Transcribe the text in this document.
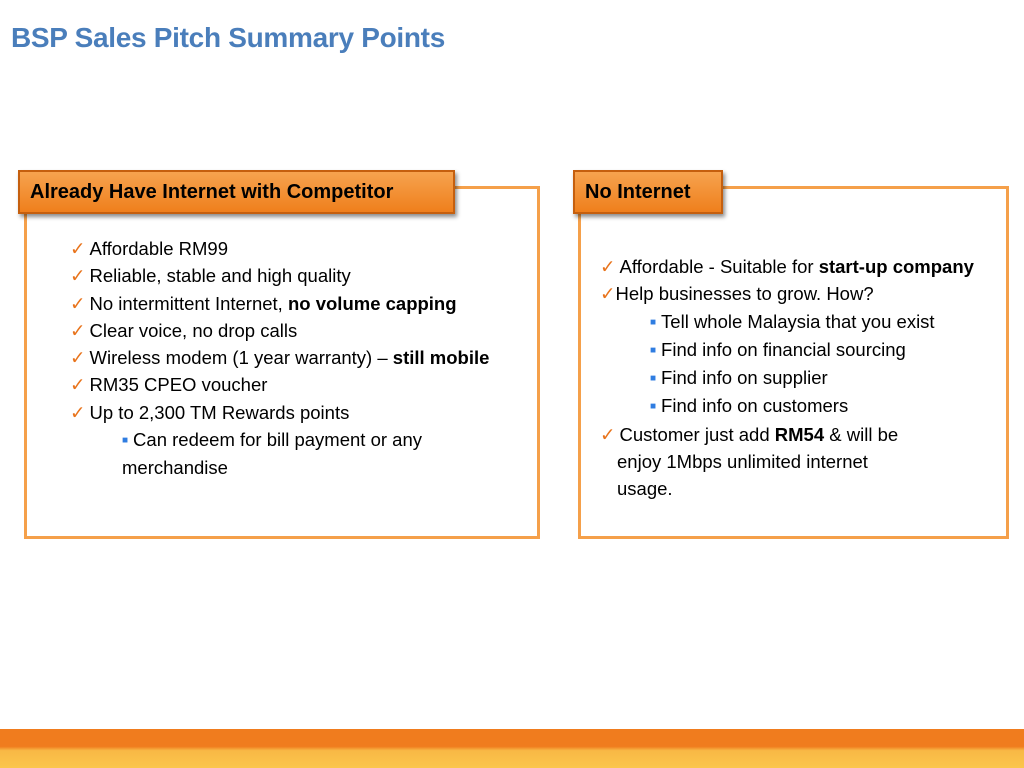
BSP Sales Pitch Summary Points
Already Have Internet with Competitor	No Internet
✓ Affordable RM99
✓ Reliable, stable and high quality
✓ No intermittent Internet, no volume capping
✓ Clear voice, no drop calls
✓ Wireless modem (1 year warranty) – still mobile
✓ RM35 CPEO voucher
✓ Up to 2,300 TM Rewards points
■ Can redeem for bill payment or any merchandise
✓ Affordable - Suitable for start-up company
✓Help businesses to grow. How?
■ Tell whole Malaysia that you exist
■ Find info on financial sourcing
■ Find info on supplier
■ Find info on customers
✓ Customer just add RM54 & will be
enjoy 1Mbps unlimited internet
usage.
